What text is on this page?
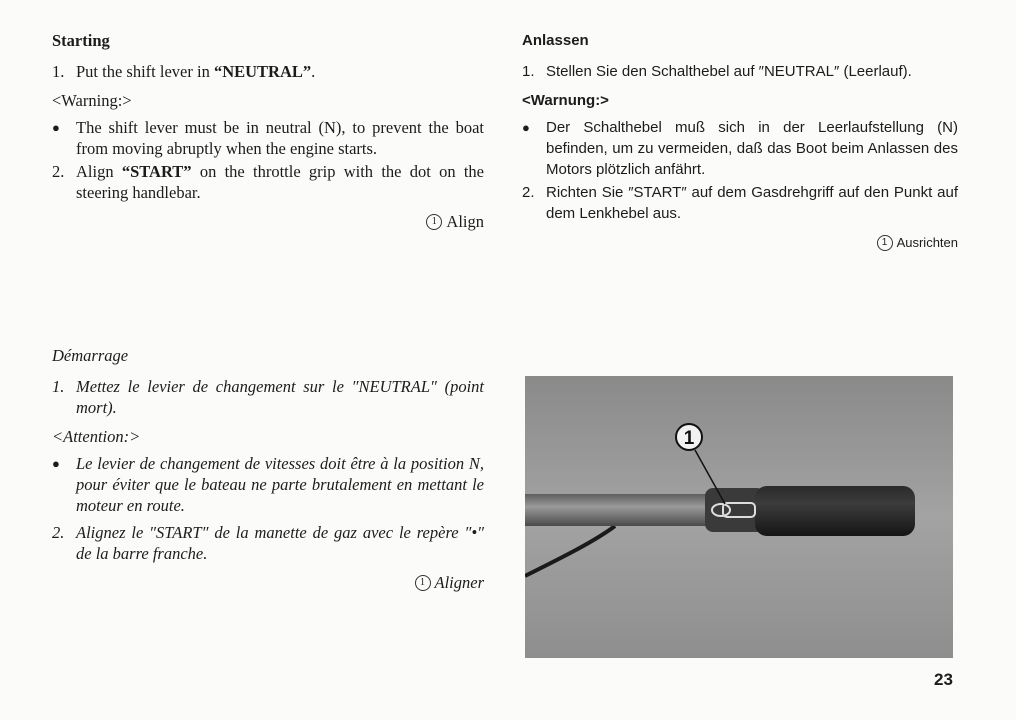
Starting
1. Put the shift lever in “NEUTRAL”.
<Warning:>
● The shift lever must be in neutral (N), to prevent the boat from moving abruptly when the engine starts.
2. Align “START” on the throttle grip with the dot on the steering handlebar.
1 Align
Anlassen
1. Stellen Sie den Schalthebel auf ″NEUTRAL″ (Leerlauf).
<Warnung:>
●	Der Schalthebel muß sich in der Leerlaufstellung (N) befinden, um zu vermeiden, daß das Boot beim Anlassen des Motors plötzlich anfährt.
2. Richten Sie ″START″ auf dem Gasdrehgriff auf den Punkt auf dem Lenkhebel aus.
1 Ausrichten
Démarrage
1. Mettez le levier de changement sur le ″NEUTRAL″ (point mort).
<Attention:>
● Le levier de changement de vitesses doit être à la position N, pour éviter que le bateau ne parte brutalement en mettant le moteur en route.
2. Alignez le ″START″ de la manette de gaz avec le repère ″•″ de la barre franche.
1 Aligner
1
23
